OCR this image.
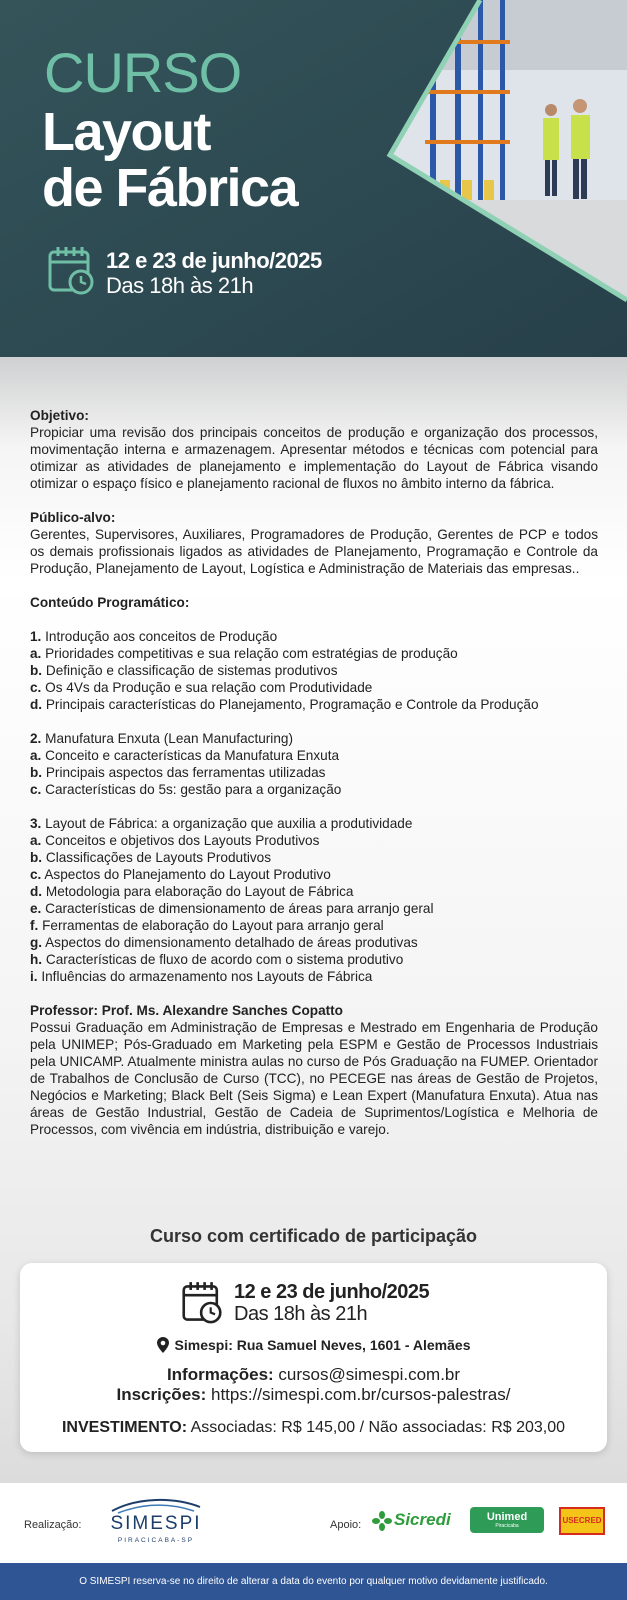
CURSO
Layout
de Fábrica
12 e 23 de junho/2025
Das 18h às 21h
Objetivo:

Propiciar uma revisão dos principais conceitos de produção e organização dos processos, movimentação interna e armazenagem. Apresentar métodos e técnicas com potencial para otimizar as atividades de planejamento e implementação do Layout de Fábrica visando otimizar o espaço físico e planejamento racional de fluxos no âmbito interno da fábrica.

Público-alvo:

Gerentes, Supervisores, Auxiliares, Programadores de Produção, Gerentes de PCP e todos os demais profissionais ligados as atividades de Planejamento, Programação e Controle da Produção, Planejamento de Layout, Logística e Administração de Materiais das empresas..

Conteúdo Programático:
1. Introdução aos conceitos de Produção
a. Prioridades competitivas e sua relação com estratégias de produção
b. Definição e classificação de sistemas produtivos
c. Os 4Vs da Produção e sua relação com Produtividade
d. Principais características do Planejamento, Programação e Controle da Produção
2. Manufatura Enxuta (Lean Manufacturing)
a. Conceito e características da Manufatura Enxuta
b. Principais aspectos das ferramentas utilizadas
c. Características do 5s: gestão para a organização
3. Layout de Fábrica: a organização que auxilia a produtividade
a. Conceitos e objetivos dos Layouts Produtivos
b. Classificações de Layouts Produtivos
c. Aspectos do Planejamento do Layout Produtivo
d. Metodologia para elaboração do Layout de Fábrica
e. Características de dimensionamento de áreas para arranjo geral
f. Ferramentas de elaboração do Layout para arranjo geral
g. Aspectos do dimensionamento detalhado de áreas produtivas
h. Características de fluxo de acordo com o sistema produtivo
i. Influências do armazenamento nos Layouts de Fábrica
Professor: Prof. Ms. Alexandre Sanches Copatto

Possui Graduação em Administração de Empresas e Mestrado em Engenharia de Produção pela UNIMEP; Pós-Graduado em Marketing pela ESPM e Gestão de Processos Industriais pela UNICAMP. Atualmente ministra aulas no curso de Pós Graduação na FUMEP. Orientador de Trabalhos de Conclusão de Curso (TCC), no PECEGE nas áreas de Gestão de Projetos, Negócios e Marketing; Black Belt (Seis Sigma) e Lean Expert (Manufatura Enxuta). Atua nas áreas de Gestão Industrial, Gestão de Cadeia de Suprimentos/Logística e Melhoria de Processos, com vivência em indústria, distribuição e varejo.

Curso com certificado de participação
12 e 23 de junho/2025
Das 18h às 21h
Simespi: Rua Samuel Neves, 1601 - Alemães
Informações: cursos@simespi.com.br
Inscrições: https://simespi.com.br/cursos-palestras/
INVESTIMENTO: Associadas: R$ 145,00 / Não associadas: R$ 203,00
Realização: SIMESPI
PIRACICABA-SP
Apoio: Sicredi	Unimed
Piracicaba
USECRED
O SIMESPI reserva-se no direito de alterar a data do evento por qualquer motivo devidamente justificado.
